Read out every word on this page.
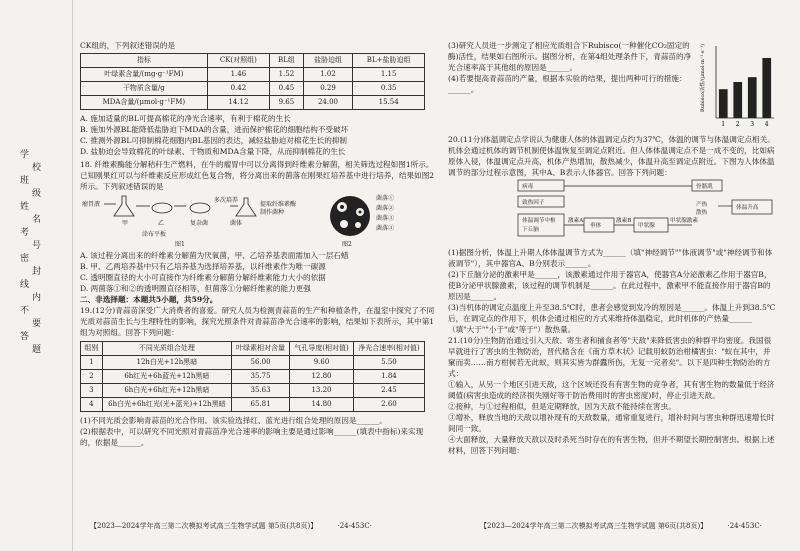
学
校
班
级
姓
名
考
号
密
封
线
内
不
要
答
题

CK组的，下列叙述错误的是

指标	CK(对照组)	BL组	盐胁迫组	BL+盐胁迫组
叶绿素含量/(mg·g⁻¹FM)	1.46	1.52	1.02	1.15
干物质含量/g	0.42	0.45	0.29	0.35
MDA含量/(μmol·g⁻¹FM)	14.12	9.65	24.00	15.54

A. 施加适量的BL可提高棉花的净光合速率，有利于棉花的生长

B. 施加外源BL能降低盐胁迫下MDA的含量，进而保护棉花的细胞结构不受破坏

C. 推测外源BL可抑制棉花细胞内BL基因的表达，减轻盐胁迫对棉花生长的抑制

D. 盐胁迫会导致棉花的叶绿素、干物质和MDA含量下降，从而抑制棉花的生长

18. 纤维素酶能分解秸秆生产燃料，在牛的瘤胃中可以分离得到纤维素分解菌，相关筛选过程如图1所示。已知刚果红可以与纤维素反应形成红色复合物，将分离出来的菌落在刚果红培养基中进行培养，结果如图2所示。下列叙述错误的是

瘤胃液
甲	乙
涂布平板
多次培养
提取纤维素酶
制作菌种
菌体
复杂菌
图1
菌落①
菌落②
菌落③
菌落④
图2

A. 该过程分离出来的纤维素分解菌为厌氧菌，甲、乙培养基表面需加入一层石蜡

B. 甲、乙两培养基中只有乙培养基为选择培养基，以纤维素作为唯一碳源

C. 透明圈直径的大小可直接作为纤维素分解菌分解纤维素能力大小的依据

D. 两菌落①和②的透明圈直径相等，但菌落①分解纤维素的能力更强

二、非选择题：本题共5小题，共59分。

19.(12分)青蒜苗深受广大消费者的喜爱。研究人员为检测青蒜苗的生产和种植条件，在温室中探究了不同光质对蒜苗生长与生理特性的影响，探究光照条件对青蒜苗净光合速率的影响，结果如下表所示，其中第1组为对照组。回答下列问题：

组别	不同光质组合处理	叶绿素相对含量	气孔导度(相对值)	净光合速率(相对值)
1	12h白光+12h黑暗	56.00	9.60	5.50
2	6h红光+6h蓝光+12h黑暗	35.75	12.80	1.84
3	6h白光+6h红光+12h黑暗	35.63	13.20	2.45
4	6h白光+6h红光(光+蓝光)+12h黑暗	65.81	14.80	2.60

(1)不同光质会影响青蒜苗的光合作用。该实验选择红、蓝光进行组合处理的原因是______。

(2)根据表中，可以研究不同光照对青蒜苗净光合速率的影响主要是通过影响______(填表中指标)来实现的，依据是______。

【2023—2024学年高三第二次模拟考试高三生物学试题 第5页(共8页)】	·24-453C·

(3)研究人员进一步测定了相应光质组合下Rubisco(一种催化CO₂固定的酶)活性，结果如右图所示。据图分析，在第4组处理条件下，青蒜苗的净光合速率高于其他组的原因是______。

(4)若要提高青蒜苗的产量，根据本实验的结果，提出两种可行的措施：______。	Rubisco活性/(μmol·m⁻²·s⁻¹)
1 2 3 4

20.(11分)体温调定点学说认为健康人体的体温调定点约为37℃，体温的调节与体温调定点相关。机体会通过机体的调节机制使体温恢复至调定点附近。但人体体温调定点不是一成不变的，比如病原体入侵，体温调定点升高，机体产热增加，散热减少，体温升高至调定点附近。下图为人体体温调节的部分过程示意图，其中A、B表示人体器官。回答下列问题：

病毒
致热因子
体温调节中枢
下丘脑
垂体	甲状腺
激素A	激素B	甲状腺激素
骨骼肌
产热
散热
体温升高

(1)据图分析，体温上升期人体体温调节方式为______（填"神经调节""体液调节"或"神经调节和体液调节"），其中器官A、B分别表示______。

(2)下丘脑分泌的激素甲是______，该激素通过作用于器官A，使器官A分泌激素乙作用于器官B，使B分泌甲状腺激素，该过程的调节机制是______。在此过程中，激素甲不能直接作用于器官B的原因是______。

(3)当机体的调定点温度上升至38.5℃时，患者会感觉到发冷的原因是______。体温上升到38.5℃后，在调定点的作用下，机体会通过相应的方式来维持体温稳定，此时机体的产热量______（填"大于""小于"或"等于"）散热量。

21.(10分)生物防治通过引入天敌、寄生者和捕食者等"天敌"来降低害虫的种群平均密度。我国很早就进行了害虫的生物防治，晋代嵇含在《南方草木状》记载用蚁防治柑橘害虫："蚁在其中，并窠而卖……南方柑树若无此蚁，则其实皆为群蠹所伤，无复一完者矣"。以下是四种生物防治的方式：

①输入，从另一个地区引进天敌，这个区域还没有有害生物的竞争者，其有害生物的数量低于经济阈值(病害虫造成的经济损失刚好等于防治费用时的害虫密度)时，停止引进天敌。

②接种，与①过程相似，但是定期释放，因为天敌不能持续在害虫。

③增补，释放当地的天敌以增补现有的天敌数量，通常重复进行，增补时间与害虫种群迅速增长时间同一致。

④大面释放，大量释放天敌以及时杀死当时存在的有害生物，但并不期望长期控制害虫。根据上述材料，回答下列问题：

【2023—2024学年高三第二次模拟考试高三生物学试题 第6页(共8页)】	·24-453C·
